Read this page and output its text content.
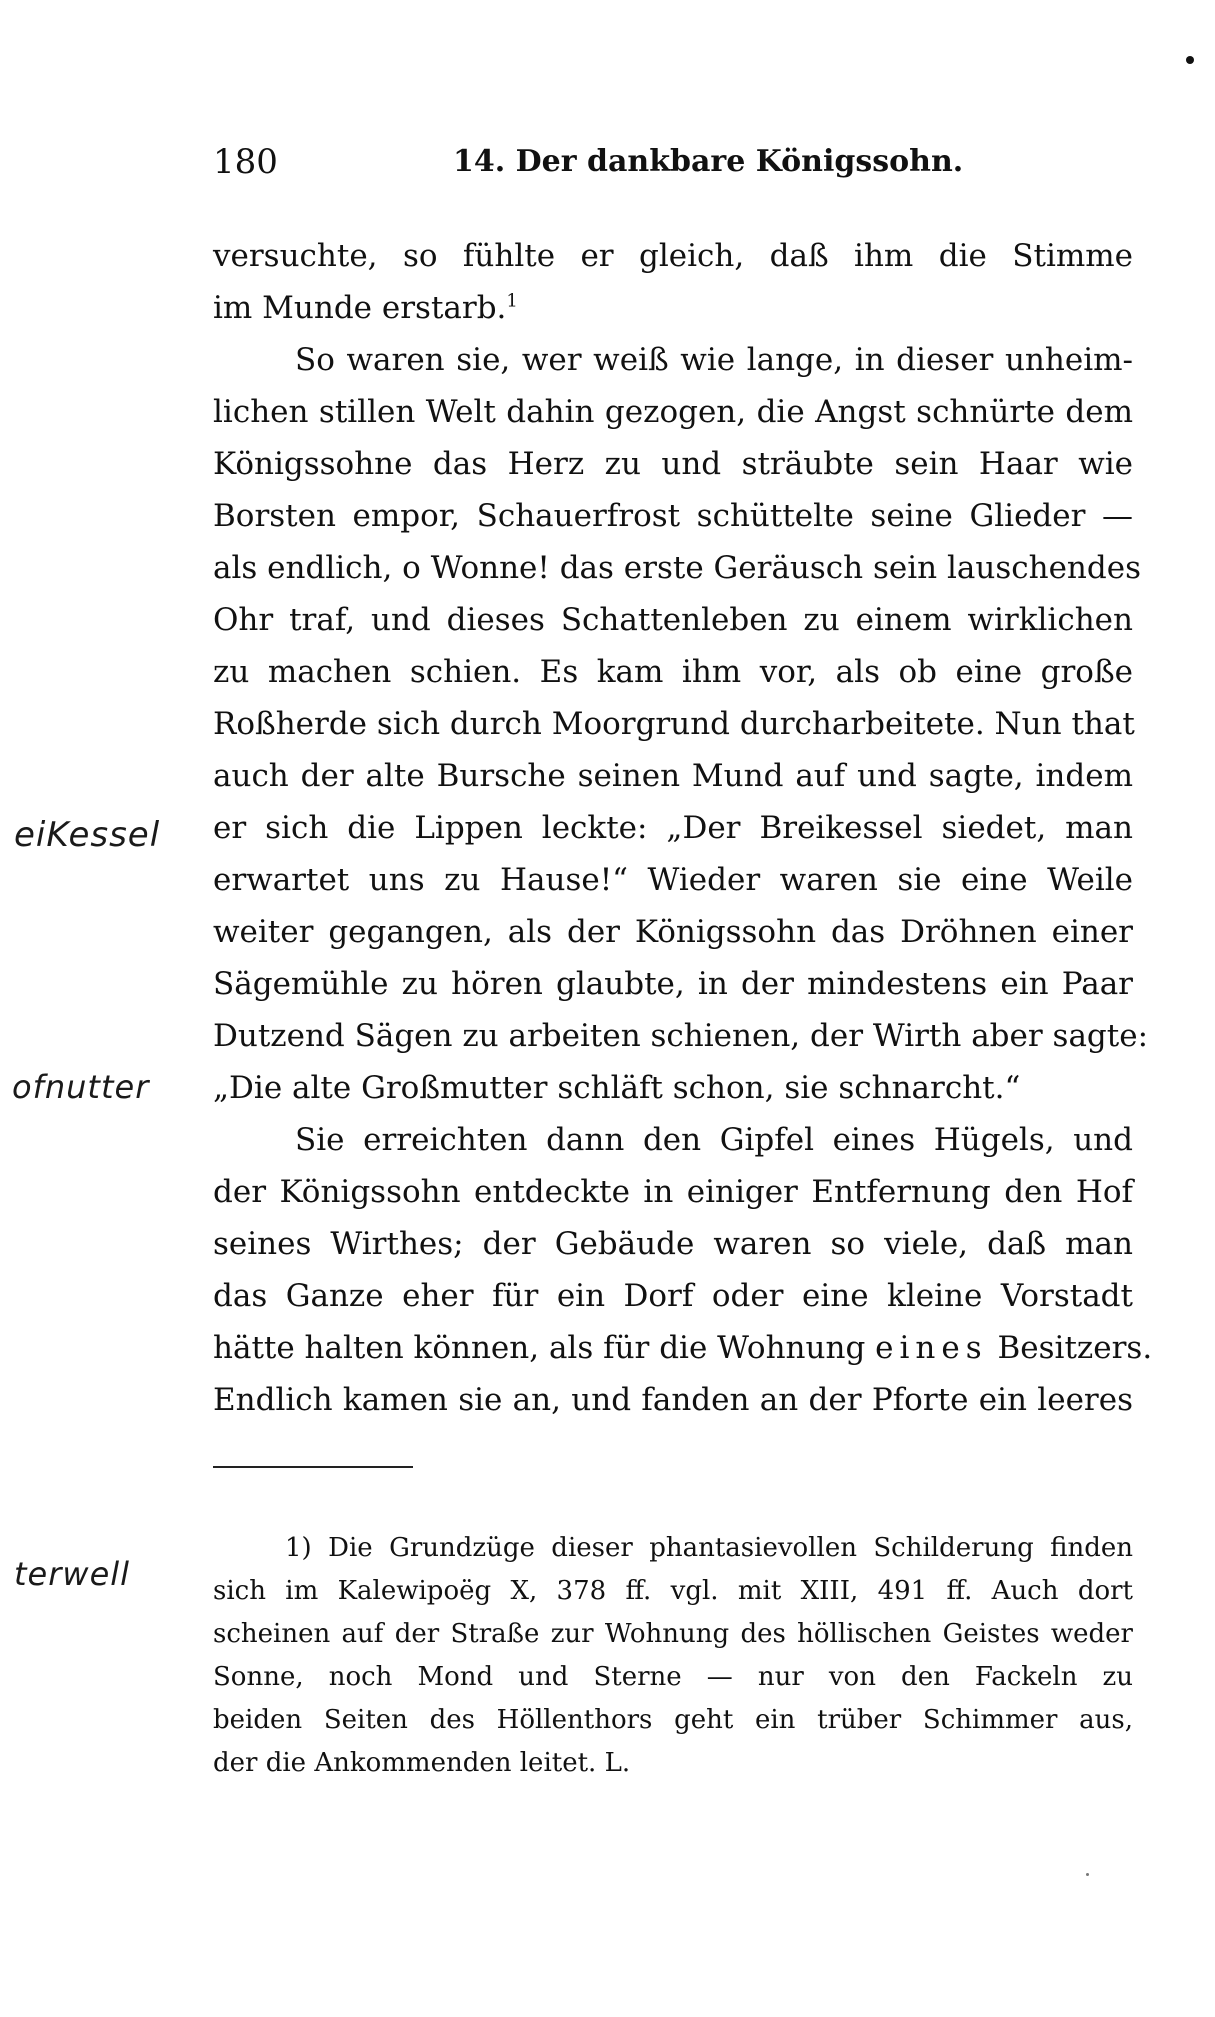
180	14. Der dankbare Königssohn.
versuchte, so fühlte er gleich, daß ihm die Stimme
im Munde erstarb.$^1$
So waren sie, wer weiß wie lange, in dieser unheim-
lichen stillen Welt dahin gezogen, die Angst schnürte dem
Königssohne das Herz zu und sträubte sein Haar wie
Borsten empor, Schauerfrost schüttelte seine Glieder —
als endlich, o Wonne! das erste Geräusch sein lauschendes
Ohr traf, und dieses Schattenleben zu einem wirklichen
zu machen schien. Es kam ihm vor, als ob eine große
Roßherde sich durch Moorgrund durcharbeitete. Nun that
auch der alte Bursche seinen Mund auf und sagte, indem
er sich die Lippen leckte: „Der Breikessel siedet, man
erwartet uns zu Hause!“ Wieder waren sie eine Weile
weiter gegangen, als der Königssohn das Dröhnen einer
Sägemühle zu hören glaubte, in der mindestens ein Paar
Dutzend Sägen zu arbeiten schienen, der Wirth aber sagte:
„Die alte Großmutter schläft schon, sie schnarcht.“
Sie erreichten dann den Gipfel eines Hügels, und
der Königssohn entdeckte in einiger Entfernung den Hof
seines Wirthes; der Gebäude waren so viele, daß man
das Ganze eher für ein Dorf oder eine kleine Vorstadt
hätte halten können, als für die Wohnung eines Besitzers.
Endlich kamen sie an, und fanden an der Pforte ein leeres
1) Die Grundzüge dieser phantasievollen Schilderung finden
sich im Kalewipoëg X, 378 ff. vgl. mit XIII, 491 ff. Auch dort
scheinen auf der Straße zur Wohnung des höllischen Geistes weder
Sonne, noch Mond und Sterne — nur von den Fackeln zu
beiden Seiten des Höllenthors geht ein trüber Schimmer aus,
der die Ankommenden leitet. L.
eiKessel
ofnutter
terwell
